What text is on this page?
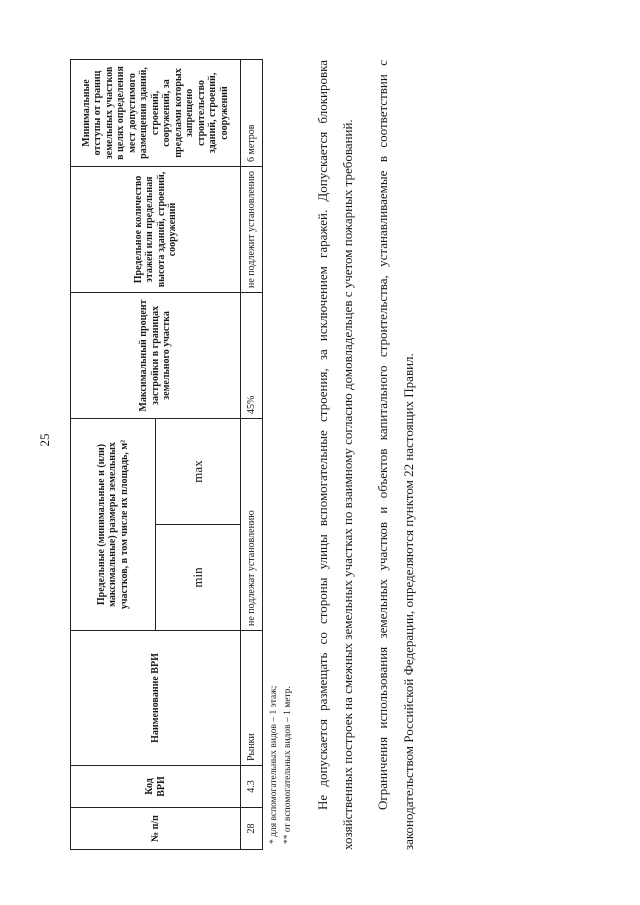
25
№ п/п	Код ВРИ	Наименование ВРИ	Предельные (минимальные и (или) максимальные) размеры земельных участков, в том числе их площадь, м²		Максимальный процент застройки в границах земельного участка	Предельное количество этажей или предельная высота зданий, строений, сооружений	Минимальные отступы от границ земельных участков в целях определения мест допустимого размещения зданий, строений, сооружений, за пределами которых запрещено строительство зданий, строений, сооружений
			min	max			
28	4.3	Рынки	не подлежат установлению		45%	не подлежит установлению	6 метров
* для вспомогательных видов – 1 этаж; ** от вспомогательных видов – 1 метр.	Не допускается размещать со стороны улицы вспомогательные строения, за исключением гаражей. Допускается блокировка хозяйственных построек на смежных земельных участках по взаимному согласию домовладельцев с учетом пожарных требований.	Ограничения использования земельных участков и объектов капитального строительства, устанавливаемые в соответствии с законодательством Российской Федерации, определяются пунктом 22 настоящих Правил.
